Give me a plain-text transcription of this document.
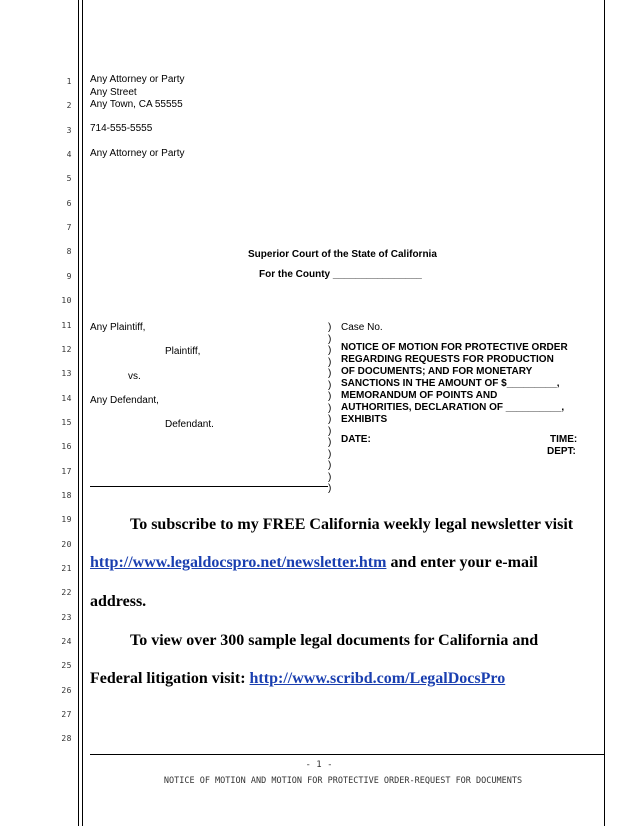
1
2
3
4
5
6
7
8
9
10
11
12
13
14
15
16
17
18
19
20
21
22
23
24
25
26
27
28
Any Attorney or Party
Any Street
Any Town, CA 55555
714-555-5555
Any Attorney or Party
Superior Court of the State of California
For the County ________________
Any Plaintiff,
Plaintiff,
vs.
Any Defendant,
Defendant.
)
)
)
)
)
)
)
)
)
)
)
)
)
)
)
Case No.
NOTICE OF MOTION FOR PROTECTIVE ORDER
REGARDING REQUESTS FOR PRODUCTION
OF DOCUMENTS; AND FOR MONETARY
SANCTIONS IN THE AMOUNT OF $_________,
MEMORANDUM OF POINTS AND
AUTHORITIES, DECLARATION OF __________,
EXHIBITS
DATE:	TIME:
DEPT:
To subscribe to my FREE California weekly legal newsletter visit
http://www.legaldocspro.net/newsletter.htm and enter your e-mail
address.
To view over 300 sample legal documents for California and
Federal litigation visit: http://www.scribd.com/LegalDocsPro
- 1 -
NOTICE OF MOTION AND MOTION FOR PROTECTIVE ORDER-REQUEST FOR DOCUMENTS
